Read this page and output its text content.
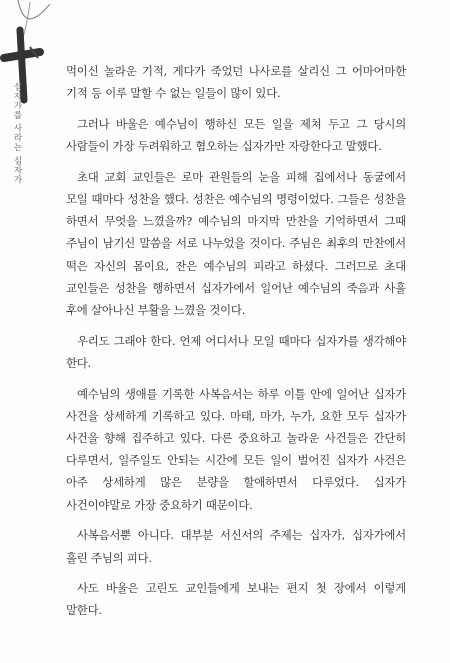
십자가를 사라는 십자가

먹이신 놀라운 기적, 게다가 죽었던 나사로를 살리신 그 어마어마한 기적 등 이루 말할 수 없는 일들이 많이 있다.

그러나 바울은 예수님이 행하신 모든 일을 제쳐 두고 그 당시의 사람들이 가장 두려워하고 혐오하는 십자가만 자랑한다고 말했다.

초대 교회 교인들은 로마 관원들의 눈을 피해 집에서나 동굴에서 모일 때마다 성찬을 했다. 성찬은 예수님의 명령이었다. 그들은 성찬을 하면서 무엇을 느꼈을까? 예수님의 마지막 만찬을 기억하면서 그때 주님이 남기신 말씀을 서로 나누었을 것이다. 주님은 최후의 만찬에서 떡은 자신의 몸이요, 잔은 예수님의 피라고 하셨다. 그러므로 초대 교인들은 성찬을 행하면서 십자가에서 일어난 예수님의 죽음과 사흘 후에 살아나신 부활을 느꼈을 것이다.

우리도 그래야 한다. 언제 어디서나 모일 때마다 십자가를 생각해야 한다.

예수님의 생애를 기록한 사복음서는 하루 이틀 안에 일어난 십자가 사건을 상세하게 기록하고 있다. 마태, 마가, 누가, 요한 모두 십자가 사건을 향해 집주하고 있다. 다른 중요하고 놀라운 사건들은 간단히 다루면서, 일주일도 안되는 시간에 모든 일이 벌어진 십자가 사건은 아주 상세하게 많은 분량을 할애하면서 다루었다. 십자가 사건이야말로 가장 중요하기 때문이다.

사복음서뿐 아니다. 대부분 서신서의 주제는 십자가, 십자가에서 흘린 주님의 피다.

사도 바울은 고린도 교인들에게 보내는 편지 첫 장에서 이렇게 말한다.
